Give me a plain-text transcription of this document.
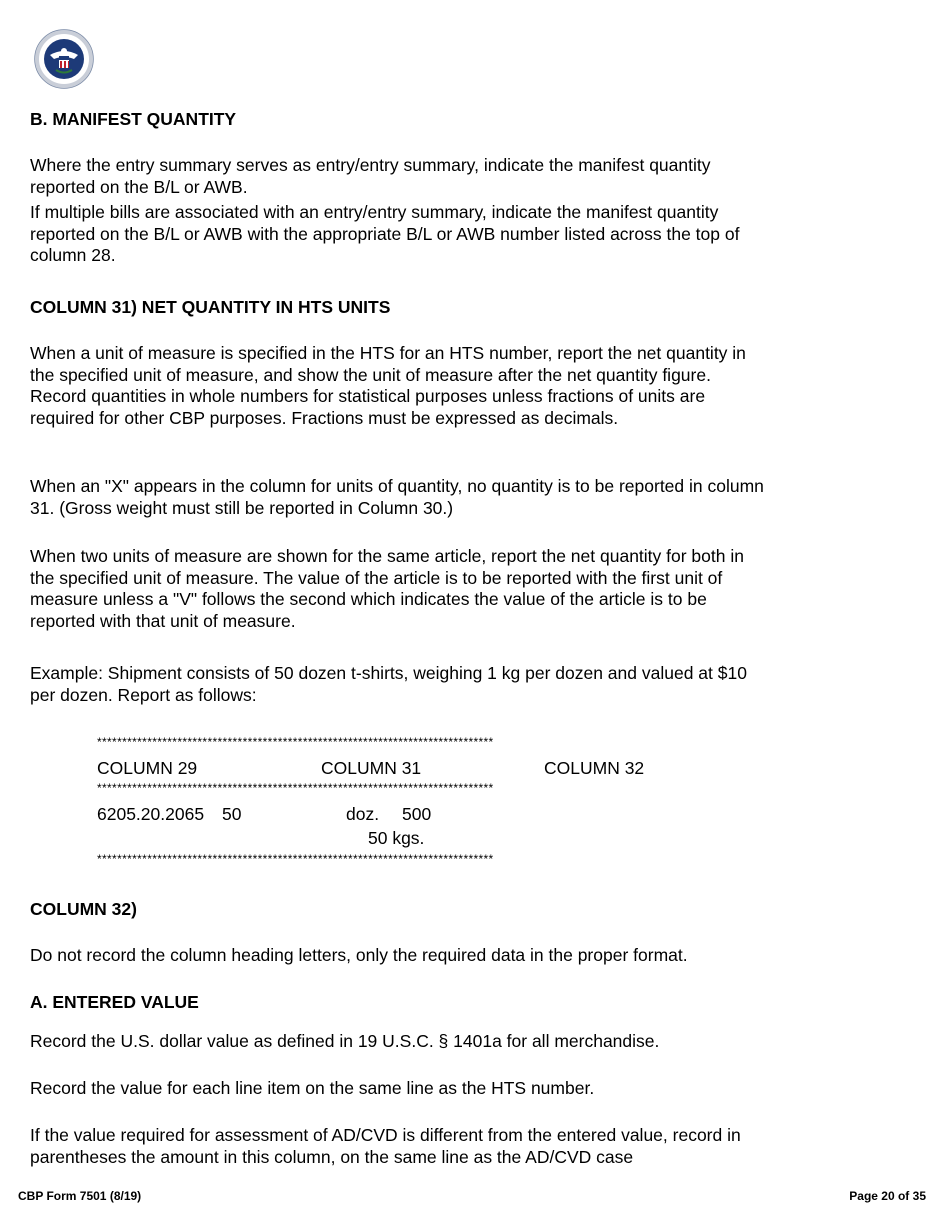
B. MANIFEST QUANTITY
Where the entry summary serves as entry/entry summary, indicate the manifest quantity reported on the B/L or AWB.
If multiple bills are associated with an entry/entry summary, indicate the manifest quantity reported on the B/L or AWB with the appropriate B/L or AWB number listed across the top of column 28.
COLUMN 31) NET QUANTITY IN HTS UNITS
When a unit of measure is specified in the HTS for an HTS number, report the net quantity in the specified unit of measure, and show the unit of measure after the net quantity figure. Record quantities in whole numbers for statistical purposes unless fractions of units are required for other CBP purposes. Fractions must be expressed as decimals.
When an "X" appears in the column for units of quantity, no quantity is to be reported in column 31. (Gross weight must still be reported in Column 30.)
When two units of measure are shown for the same article, report the net quantity for both in the specified unit of measure. The value of the article is to be reported with the first unit of measure unless a "V" follows the second which indicates the value of the article is to be reported with that unit of measure.
Example: Shipment consists of 50 dozen t-shirts, weighing 1 kg per dozen and valued at $10 per dozen. Report as follows:
*******************************************************************************
COLUMN 29	COLUMN 31	COLUMN 32
*******************************************************************************
6205.20.2065 50	doz. 500
50 kgs.
*******************************************************************************
COLUMN 32)
Do not record the column heading letters, only the required data in the proper format.
A. ENTERED VALUE
Record the U.S. dollar value as defined in 19 U.S.C. § 1401a for all merchandise.
Record the value for each line item on the same line as the HTS number.
If the value required for assessment of AD/CVD is different from the entered value, record in parentheses the amount in this column, on the same line as the AD/CVD case
CBP Form 7501 (8/19)	Page 20 of 35
